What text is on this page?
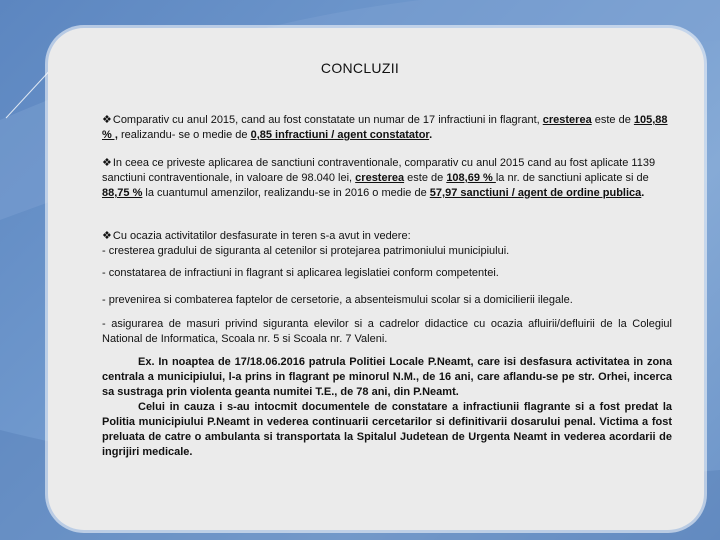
CONCLUZII
❖Comparativ cu anul 2015, cand au fost constatate un numar de 17 infractiuni in flagrant, cresterea este de 105,88 % , realizandu- se o medie de 0,85 infractiuni / agent constatator.
❖In ceea ce priveste aplicarea de sanctiuni contraventionale, comparativ cu anul 2015 cand au fost aplicate 1139 sanctiuni contraventionale, in valoare de 98.040 lei, cresterea este de 108,69 % la nr. de sanctiuni aplicate si de 88,75 % la cuantumul amenzilor, realizandu-se in 2016 o medie de 57,97 sanctiuni / agent de ordine publica.
❖Cu ocazia activitatilor desfasurate in teren s-a avut in vedere:
- cresterea gradului de siguranta al cetenilor si protejarea patrimoniului municipiului.
- constatarea de infractiuni in flagrant si aplicarea legislatiei conform competentei.
- prevenirea si combaterea faptelor de cersetorie, a absenteismului scolar si a domicilierii ilegale.
- asigurarea de masuri privind siguranta elevilor si a cadrelor didactice cu ocazia afluirii/defluirii de la Colegiul National de Informatica, Scoala nr. 5 si Scoala nr. 7 Valeni.
Ex. In noaptea de 17/18.06.2016 patrula Politiei Locale P.Neamt, care isi desfasura activitatea in zona centrala a municipiului, l-a prins in flagrant pe minorul N.M., de 16 ani, care aflandu-se pe str. Orhei, incerca sa sustraga prin violenta geanta numitei T.E., de 78 ani, din P.Neamt.
Celui in cauza i s-au intocmit documentele de constatare a infractiunii flagrante si a fost predat la Politia municipiului P.Neamt in vederea continuarii cercetarilor si definitivarii dosarului penal. Victima a fost preluata de catre o ambulanta si transportata la Spitalul Judetean de Urgenta Neamt in vederea acordarii de ingrijiri medicale.
